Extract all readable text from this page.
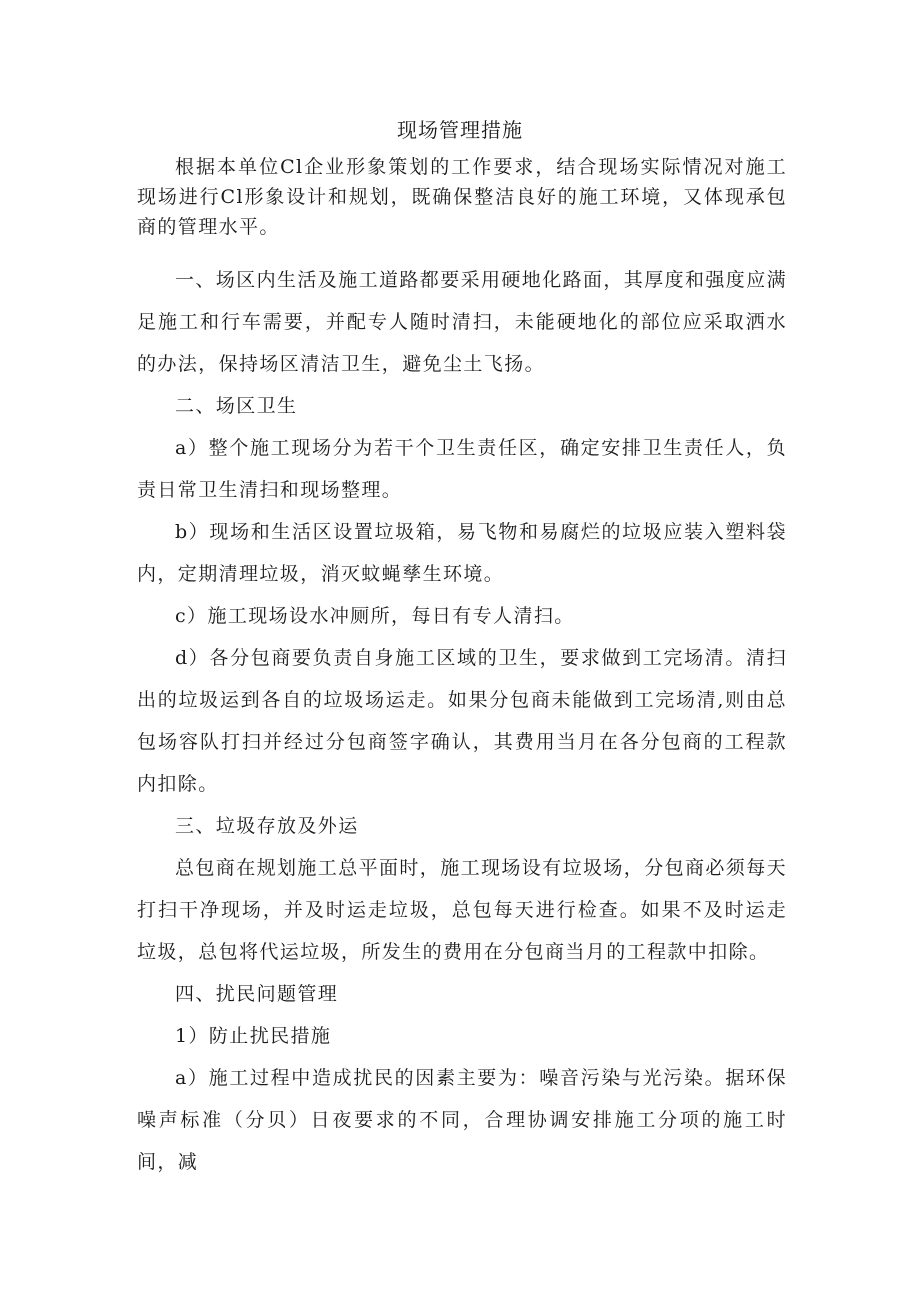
现场管理措施

根据本单位Cl企业形象策划的工作要求，结合现场实际情况对施工现场进行Cl形象设计和规划，既确保整洁良好的施工环境，又体现承包商的管理水平。

一、场区内生活及施工道路都要采用硬地化路面，其厚度和强度应满足施工和行车需要，并配专人随时清扫，未能硬地化的部位应采取洒水的办法，保持场区清洁卫生，避免尘土飞扬。

二、场区卫生

a）整个施工现场分为若干个卫生责任区，确定安排卫生责任人，负责日常卫生清扫和现场整理。

b）现场和生活区设置垃圾箱，易飞物和易腐烂的垃圾应装入塑料袋内，定期清理垃圾，消灭蚊蝇孳生环境。

c）施工现场设水冲厕所，每日有专人清扫。

d）各分包商要负责自身施工区域的卫生，要求做到工完场清。清扫出的垃圾运到各自的垃圾场运走。如果分包商未能做到工完场清,则由总包场容队打扫并经过分包商签字确认，其费用当月在各分包商的工程款内扣除。

三、垃圾存放及外运

总包商在规划施工总平面时，施工现场设有垃圾场，分包商必须每天打扫干净现场，并及时运走垃圾，总包每天进行检查。如果不及时运走垃圾，总包将代运垃圾，所发生的费用在分包商当月的工程款中扣除。

四、扰民问题管理

1）防止扰民措施

a）施工过程中造成扰民的因素主要为：噪音污染与光污染。据环保噪声标准（分贝）日夜要求的不同，合理协调安排施工分项的施工时间，减
